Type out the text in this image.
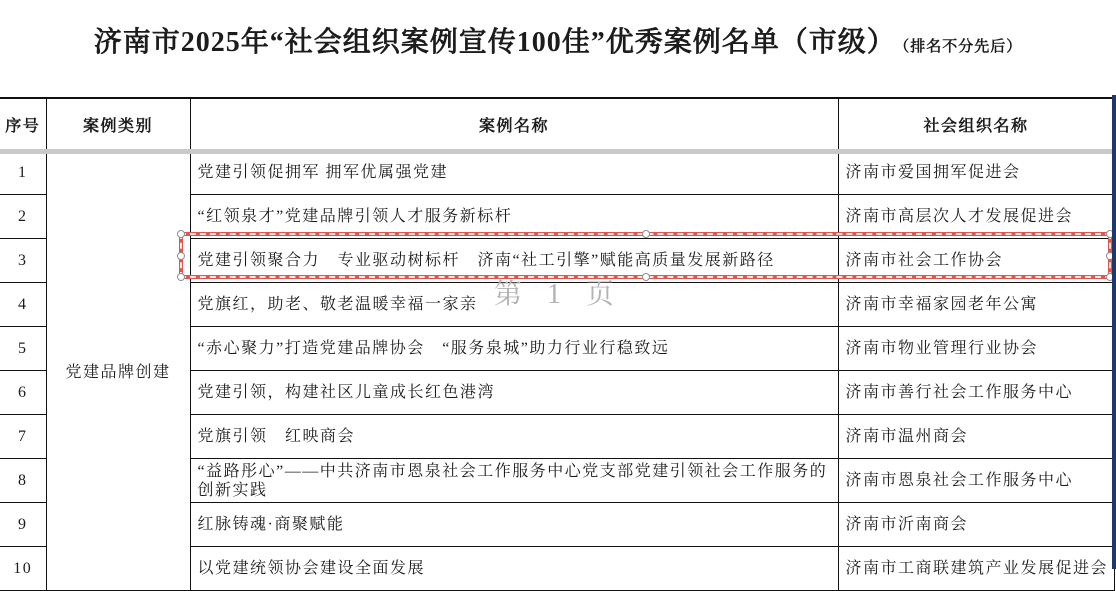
济南市2025年“社会组织案例宣传100佳”优秀案例名单（市级） （排名不分先后）
序号	案例类别	案例名称	社会组织名称
1	党建品牌创建	党建引领促拥军 拥军优属强党建	济南市爱国拥军促进会
2		“红领泉才”党建品牌引领人才服务新标杆	济南市高层次人才发展促进会
3		党建引领聚合力　专业驱动树标杆　济南“社工引擎”赋能高质量发展新路径	济南市社会工作协会
4		党旗红，助老、敬老温暖幸福一家亲	济南市幸福家园老年公寓
5		“赤心聚力”打造党建品牌协会　“服务泉城”助力行业行稳致远	济南市物业管理行业协会
6		党建引领，构建社区儿童成长红色港湾	济南市善行社会工作服务中心
7		党旗引领　红映商会	济南市温州商会
8		“益路彤心”——中共济南市恩泉社会工作服务中心党支部党建引领社会工作服务的创新实践	济南市恩泉社会工作服务中心
9		红脉铸魂·商聚赋能	济南市沂南商会
10		以党建统领协会建设全面发展	济南市工商联建筑产业发展促进会
第 1 页
